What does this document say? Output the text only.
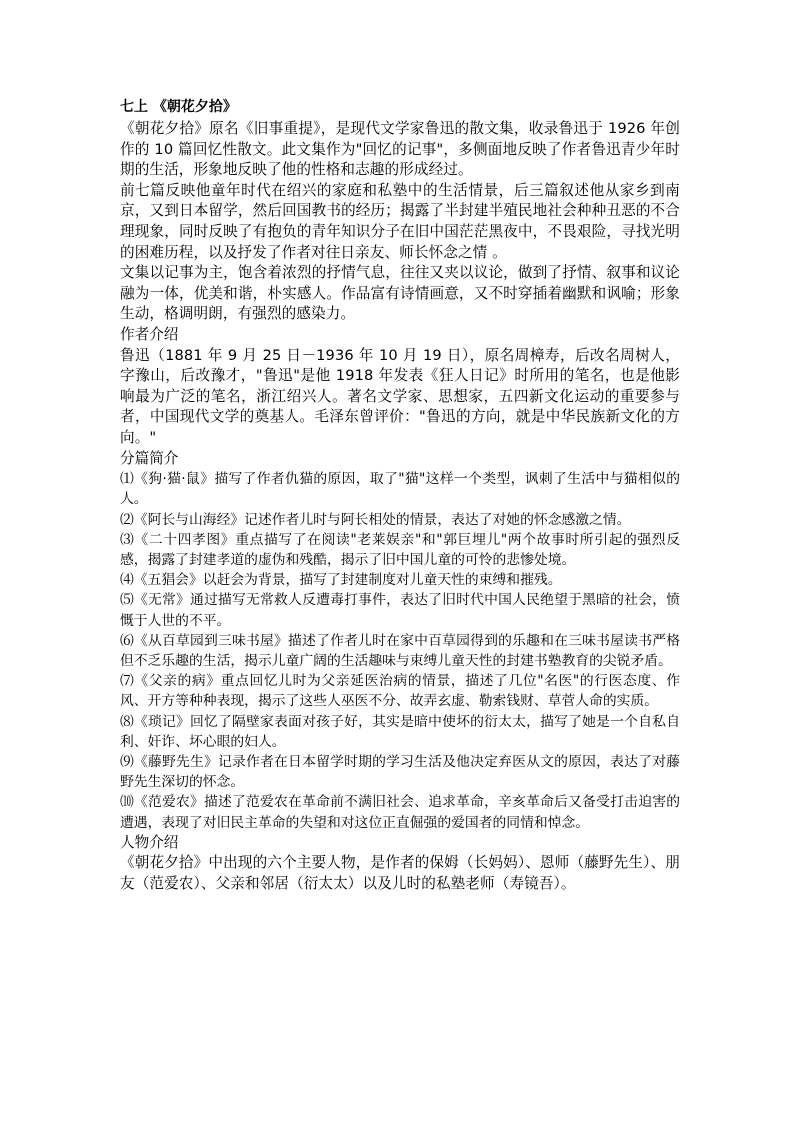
七上 《朝花夕拾》

《朝花夕拾》原名《旧事重提》，是现代文学家鲁迅的散文集，收录鲁迅于 1926 年创作的 10 篇回忆性散文。此文集作为"回忆的记事"，多侧面地反映了作者鲁迅青少年时期的生活，形象地反映了他的性格和志趣的形成经过。

前七篇反映他童年时代在绍兴的家庭和私塾中的生活情景，后三篇叙述他从家乡到南京，又到日本留学，然后回国教书的经历；揭露了半封建半殖民地社会种种丑恶的不合理现象，同时反映了有抱负的青年知识分子在旧中国茫茫黑夜中，不畏艰险，寻找光明的困难历程，以及抒发了作者对往日亲友、师长怀念之情 。

文集以记事为主，饱含着浓烈的抒情气息，往往又夹以议论，做到了抒情、叙事和议论融为一体，优美和谐，朴实感人。作品富有诗情画意，又不时穿插着幽默和讽喻；形象生动，格调明朗，有强烈的感染力。

作者介绍

鲁迅（1881 年 9 月 25 日－1936 年 10 月 19 日），原名周樟寿，后改名周树人，字豫山，后改豫才，"鲁迅"是他 1918 年发表《狂人日记》时所用的笔名，也是他影响最为广泛的笔名，浙江绍兴人。著名文学家、思想家，五四新文化运动的重要参与者，中国现代文学的奠基人。毛泽东曾评价："鲁迅的方向，就是中华民族新文化的方向。"

分篇简介

⑴《狗·猫·鼠》描写了作者仇猫的原因，取了"猫"这样一个类型，讽刺了生活中与猫相似的人。

⑵《阿长与山海经》记述作者儿时与阿长相处的情景，表达了对她的怀念感激之情。

⑶《二十四孝图》重点描写了在阅读"老莱娱亲"和"郭巨埋儿"两个故事时所引起的强烈反感，揭露了封建孝道的虚伪和残酷，揭示了旧中国儿童的可怜的悲惨处境。

⑷《五猖会》以赶会为背景，描写了封建制度对儿童天性的束缚和摧残。

⑸《无常》通过描写无常救人反遭毒打事件，表达了旧时代中国人民绝望于黑暗的社会，愤慨于人世的不平。

⑹《从百草园到三味书屋》描述了作者儿时在家中百草园得到的乐趣和在三味书屋读书严格但不乏乐趣的生活，揭示儿童广阔的生活趣味与束缚儿童天性的封建书塾教育的尖锐矛盾。

⑺《父亲的病》重点回忆儿时为父亲延医治病的情景，描述了几位"名医"的行医态度、作风、开方等种种表现，揭示了这些人巫医不分、故弄玄虚、勒索钱财、草菅人命的实质。

⑻《琐记》回忆了隔壁家表面对孩子好，其实是暗中使坏的衍太太，描写了她是一个自私自利、奸诈、坏心眼的妇人。

⑼《藤野先生》记录作者在日本留学时期的学习生活及他决定弃医从文的原因，表达了对藤野先生深切的怀念。

⑽《范爱农》描述了范爱农在革命前不满旧社会、追求革命，辛亥革命后又备受打击迫害的遭遇，表现了对旧民主革命的失望和对这位正直倔强的爱国者的同情和悼念。

人物介绍

《朝花夕拾》中出现的六个主要人物，是作者的保姆（长妈妈）、恩师（藤野先生）、朋友（范爱农）、父亲和邻居（衍太太）以及儿时的私塾老师（寿镜吾）。
